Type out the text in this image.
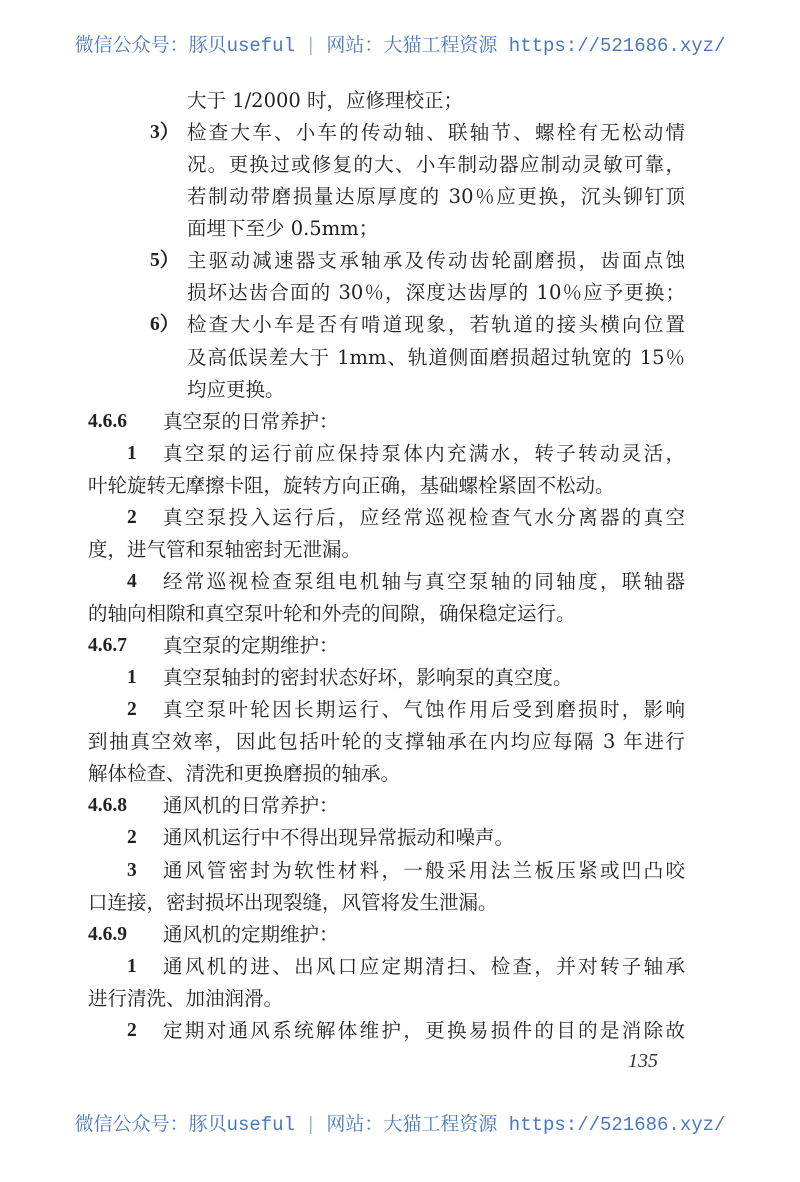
微信公众号：豚贝useful | 网站：大猫工程资源 https://521686.xyz/
大于 1/2000 时，应修理校正；
3） 检查大车、小车的传动轴、联轴节、螺栓有无松动情
况。更换过或修复的大、小车制动器应制动灵敏可靠，
若制动带磨损量达原厚度的 30％应更换，沉头铆钉顶
面埋下至少 0.5mm；
5） 主驱动减速器支承轴承及传动齿轮副磨损，齿面点蚀
损坏达齿合面的 30％，深度达齿厚的 10％应予更换；
6） 检查大小车是否有啃道现象，若轨道的接头横向位置
及高低误差大于 1mm、轨道侧面磨损超过轨宽的 15％
均应更换。
4.6.6 真空泵的日常养护：
1 真空泵的运行前应保持泵体内充满水，转子转动灵活，
叶轮旋转无摩擦卡阻，旋转方向正确，基础螺栓紧固不松动。
2 真空泵投入运行后，应经常巡视检查气水分离器的真空
度，进气管和泵轴密封无泄漏。
4 经常巡视检查泵组电机轴与真空泵轴的同轴度，联轴器
的轴向相隙和真空泵叶轮和外壳的间隙，确保稳定运行。
4.6.7 真空泵的定期维护：
1 真空泵轴封的密封状态好坏，影响泵的真空度。
2 真空泵叶轮因长期运行、气蚀作用后受到磨损时，影响
到抽真空效率，因此包括叶轮的支撑轴承在内均应每隔 3 年进行
解体检查、清洗和更换磨损的轴承。
4.6.8 通风机的日常养护：
2 通风机运行中不得出现异常振动和噪声。
3 通风管密封为软性材料，一般采用法兰板压紧或凹凸咬
口连接，密封损坏出现裂缝，风管将发生泄漏。
4.6.9 通风机的定期维护：
1 通风机的进、出风口应定期清扫、检查，并对转子轴承
进行清洗、加油润滑。
2 定期对通风系统解体维护，更换易损件的目的是消除故
135
微信公众号：豚贝useful | 网站：大猫工程资源 https://521686.xyz/
